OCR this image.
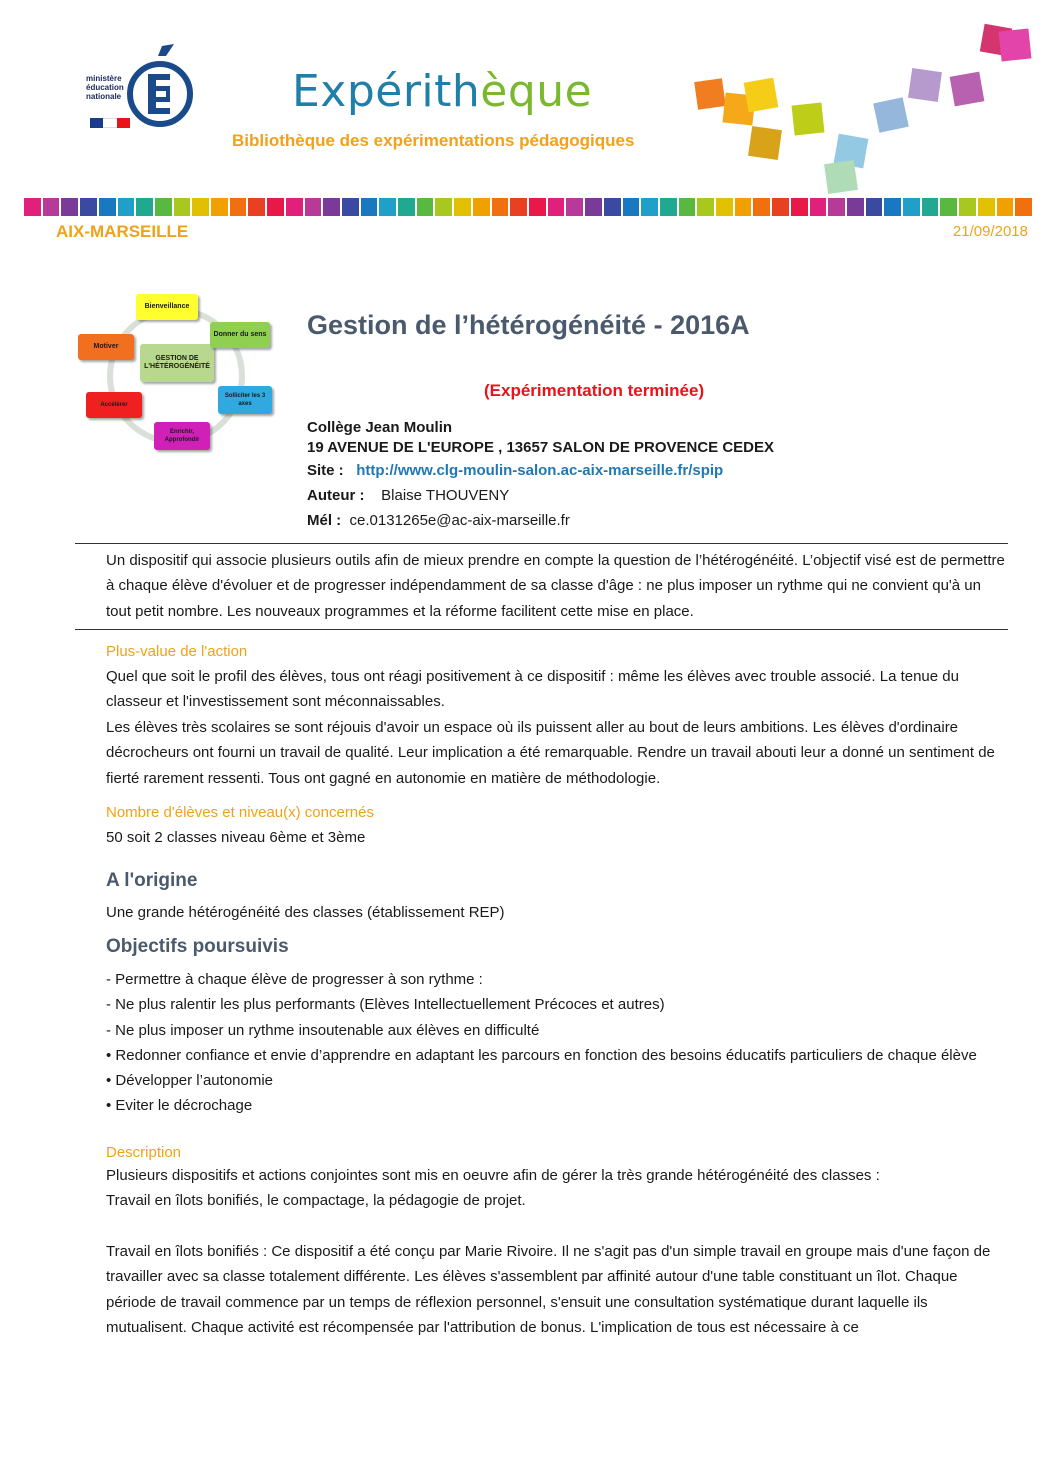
ministère
éducation
nationale	Expérithèque
Bibliothèque des expérimentations pédagogiques
AIX-MARSEILLE	21/09/2018
GESTION DE L'HÉTÉROGÉNÉITÉ
Bienveillance
Donner du sens
Solliciter les 3 axes
Enrichir, Approfondir
Accélérer
Motiver
Gestion de l’hétérogénéité - 2016A
(Expérimentation terminée)
Collège Jean Moulin
19 AVENUE DE L'EUROPE , 13657 SALON DE PROVENCE CEDEX
Site : http://www.clg-moulin-salon.ac-aix-marseille.fr/spip
Auteur : Blaise THOUVENY
Mél : ce.0131265e@ac-aix-marseille.fr
Un dispositif qui associe plusieurs outils afin de mieux prendre en compte la question de l’hétérogénéité. L’objectif visé est de permettre à chaque élève d'évoluer et de progresser indépendamment de sa classe d'âge : ne plus imposer un rythme qui ne convient qu'à un tout petit nombre. Les nouveaux programmes et la réforme facilitent cette mise en place.
Plus-value de l'action
Quel que soit le profil des élèves, tous ont réagi positivement à ce dispositif : même les élèves avec trouble associé. La tenue du classeur et l'investissement sont méconnaissables.
Les élèves très scolaires se sont réjouis d'avoir un espace où ils puissent aller au bout de leurs ambitions. Les élèves d'ordinaire décrocheurs ont fourni un travail de qualité. Leur implication a été remarquable. Rendre un travail abouti leur a donné un sentiment de fierté rarement ressenti. Tous ont gagné en autonomie en matière de méthodologie.
Nombre d'élèves et niveau(x) concernés
50 soit 2 classes niveau 6ème et 3ème
A l'origine
Une grande hétérogénéité des classes (établissement REP)
Objectifs poursuivis
- Permettre à chaque élève de progresser à son rythme :
- Ne plus ralentir les plus performants (Elèves Intellectuellement Précoces et autres)
- Ne plus imposer un rythme insoutenable aux élèves en difficulté
• Redonner confiance et envie d’apprendre en adaptant les parcours en fonction des besoins éducatifs particuliers de chaque élève
• Développer l’autonomie
• Eviter le décrochage
Description
Plusieurs dispositifs et actions conjointes sont mis en oeuvre afin de gérer la très grande hétérogénéité des classes :
Travail en îlots bonifiés, le compactage, la pédagogie de projet.
Travail en îlots bonifiés : Ce dispositif a été conçu par Marie Rivoire. Il ne s'agit pas d'un simple travail en groupe mais d'une façon de travailler avec sa classe totalement différente. Les élèves s'assemblent par affinité autour d'une table constituant un îlot. Chaque période de travail commence par un temps de réflexion personnel, s'ensuit une consultation systématique durant laquelle ils mutualisent. Chaque activité est récompensée par l'attribution de bonus. L'implication de tous est nécessaire à ce
